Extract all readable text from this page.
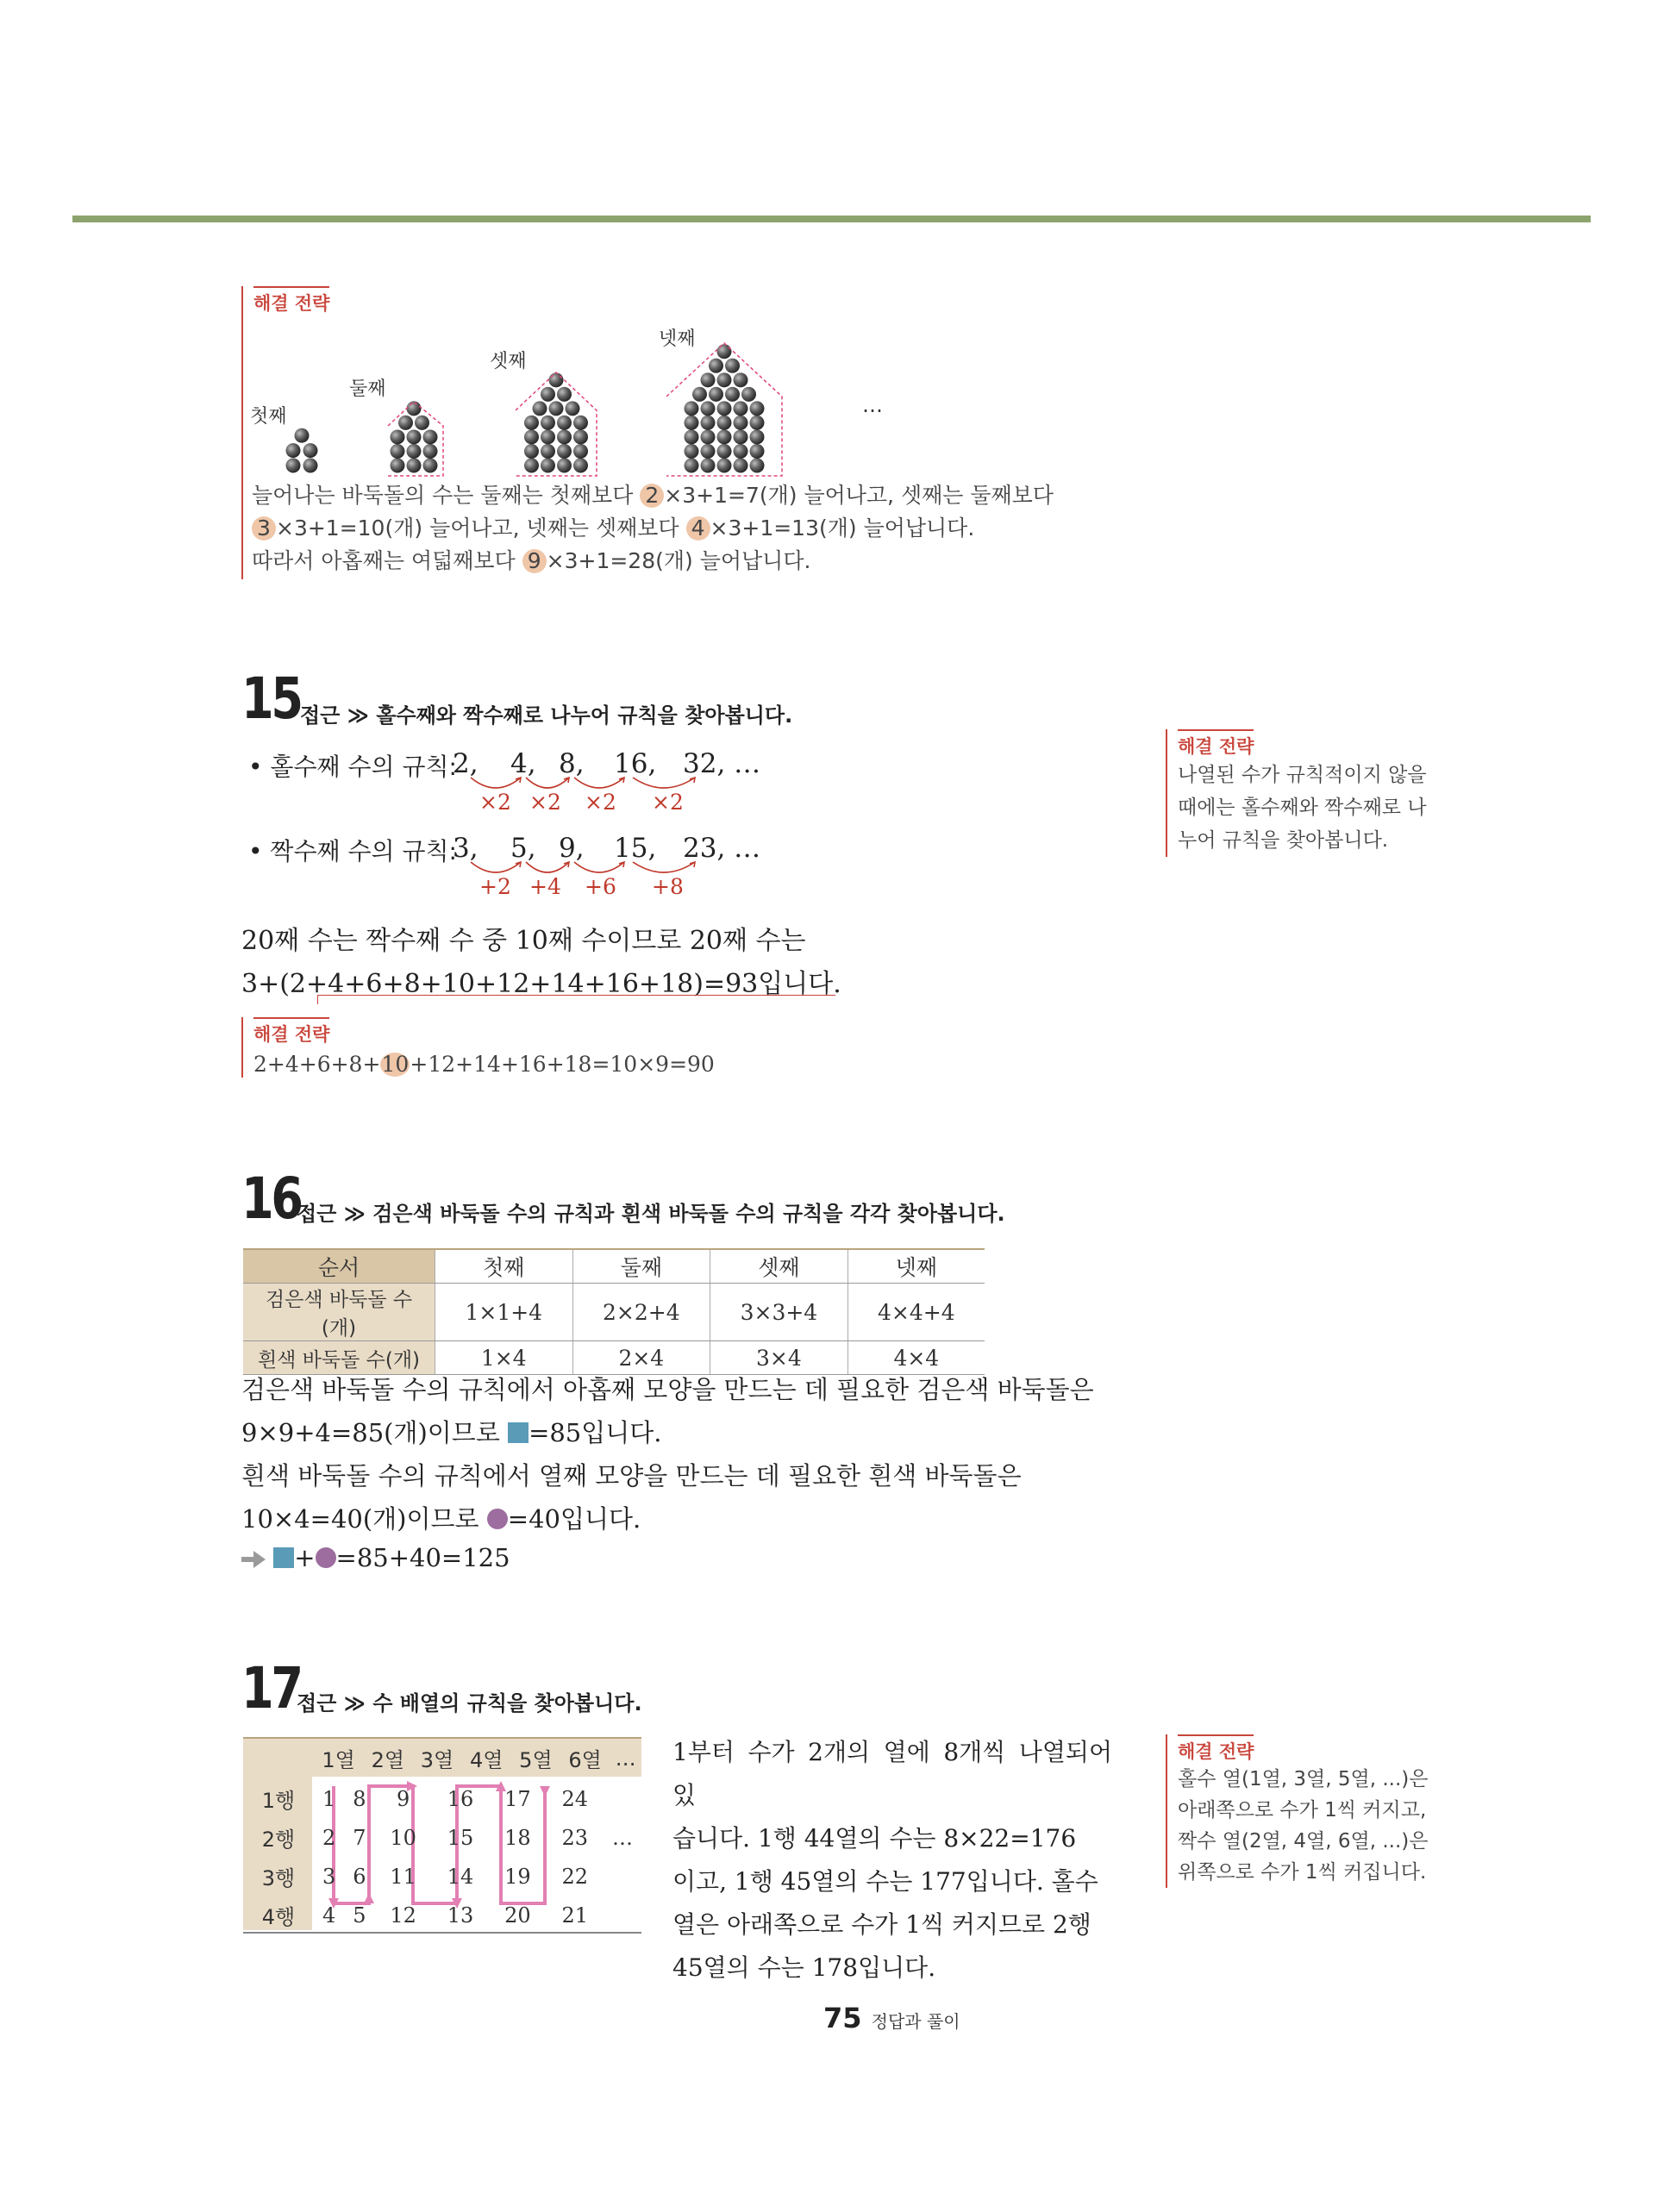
해결 전략
첫째
둘째
셋째
넷째
…
늘어나는 바둑돌의 수는 둘째는 첫째보다 2 ×3+1=7(개) 늘어나고, 셋째는 둘째보다
3 ×3+1=10(개) 늘어나고, 넷째는 셋째보다 4 ×3+1=13(개) 늘어납니다.
따라서 아홉째는 여덟째보다 9 ×3+1=28(개) 늘어납니다.
15 접근 ≫ 홀수째와 짝수째로 나누어 규칙을 찾아봅니다.
• 홀수째 수의 규칙:
2, 4, 8, 16, 32, …
×2 ×2 ×2 ×2
• 짝수째 수의 규칙:
3, 5, 9, 15, 23, …
+2 +4 +6 +8
20째 수는 짝수째 수 중 10째 수이므로 20째 수는
3+(2+4+6+8+10+12+14+16+18)=93입니다.
해결 전략
2+4+6+8+10+12+14+16+18=10×9=90
해결 전략
나열된 수가 규칙적이지 않을
때에는 홀수째와 짝수째로 나
누어 규칙을 찾아봅니다.
16
접근 ≫ 검은색 바둑돌 수의 규칙과 흰색 바둑돌 수의 규칙을 각각 찾아봅니다.
순서	첫째	둘째	셋째	넷째
검은색 바둑돌 수(개)	1×1+4	2×2+4	3×3+4	4×4+4
흰색 바둑돌 수(개)	1×4	2×4	3×4	4×4
검은색 바둑돌 수의 규칙에서 아홉째 모양을 만드는 데 필요한 검은색 바둑돌은
9×9+4=85(개)이므로 =85입니다.
흰색 바둑돌 수의 규칙에서 열째 모양을 만드는 데 필요한 흰색 바둑돌은
10×4=40(개)이므로 =40입니다.
+ =85+40=125
17
접근 ≫ 수 배열의 규칙을 찾아봅니다.
	1열	2열	3열	4열	5열	6열	…
1행	1	8	9	16	17	24	
2행	2	7	10	15	18	23	…
3행	3	6	11	14	19	22	
4행	4	5	12	13	20	21	
1부터 수가 2개의 열에 8개씩 나열되어 있
습니다. 1행 44열의 수는 8×22=176
이고, 1행 45열의 수는 177입니다. 홀수
열은 아래쪽으로 수가 1씩 커지므로 2행
45열의 수는 178입니다.
해결 전략
홀수 열(1열, 3열, 5열, ...)은
아래쪽으로 수가 1씩 커지고,
짝수 열(2열, 4열, 6열, ...)은
위쪽으로 수가 1씩 커집니다.
75 정답과 풀이
